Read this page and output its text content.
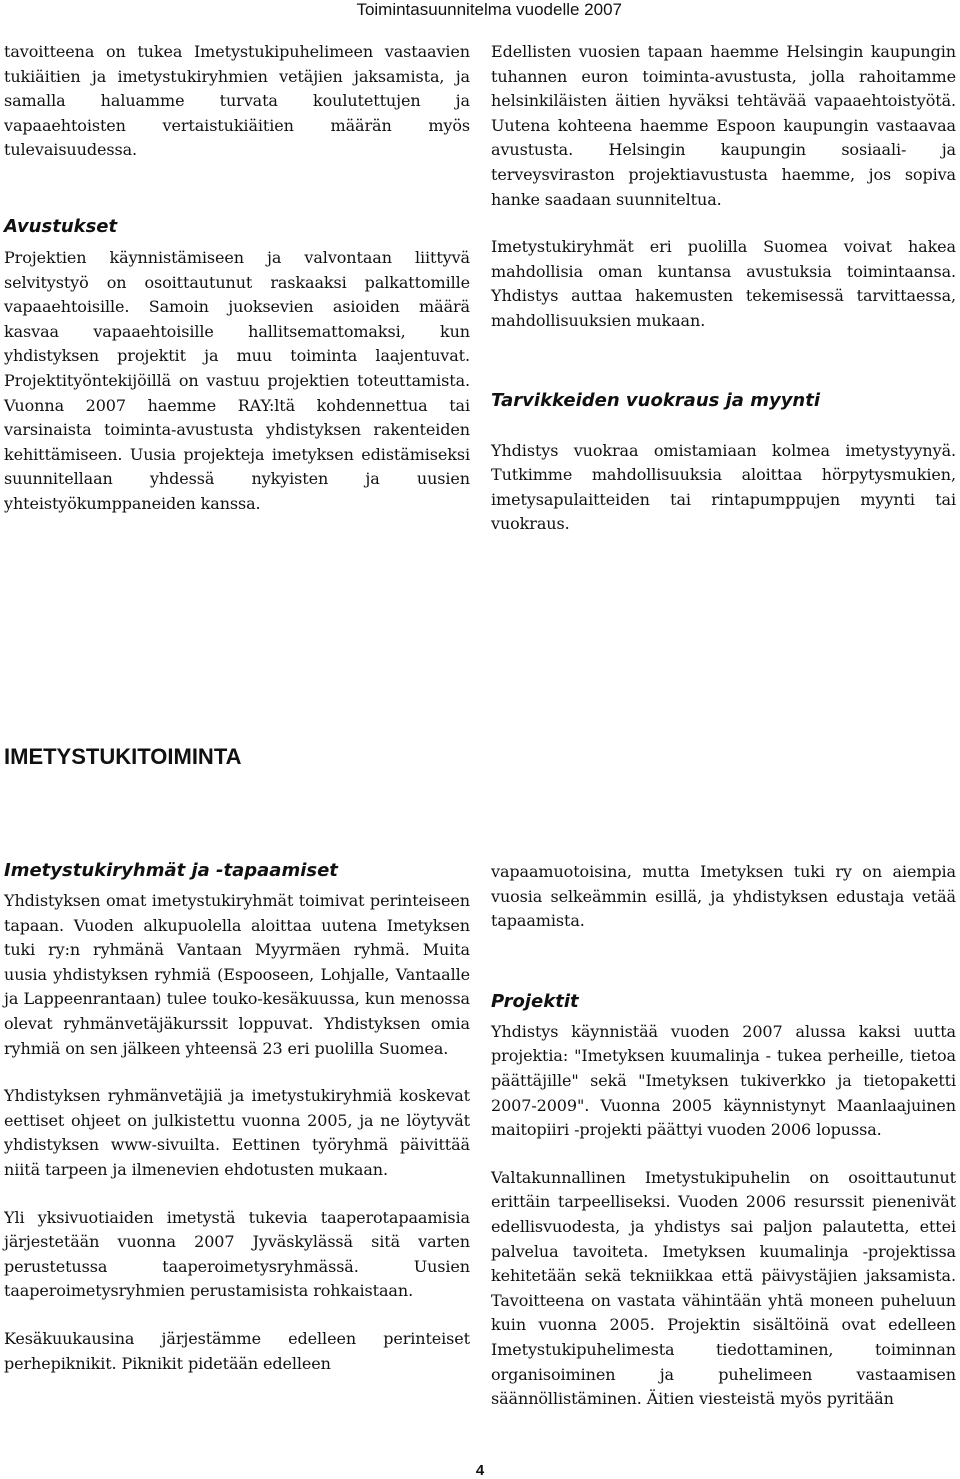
Toimintasuunnitelma vuodelle 2007

tavoitteena on tukea Imetystukipuhelimeen vastaavien tukiäitien ja imetystukiryhmien vetäjien jaksamista, ja samalla haluamme turvata koulutettujen ja vapaaehtoisten vertaistukiäitien määrän myös tulevaisuudessa.

Avustukset

Projektien käynnistämiseen ja valvontaan liittyvä selvitystyö on osoittautunut raskaaksi palkattomille vapaaehtoisille. Samoin juoksevien asioiden määrä kasvaa vapaaehtoisille hallitsemattomaksi, kun yhdistyksen projektit ja muu toiminta laajentuvat. Projektityöntekijöillä on vastuu projektien toteuttamista. Vuonna 2007 haemme RAY:ltä kohdennettua tai varsinaista toiminta-avustusta yhdistyksen rakenteiden kehittämiseen. Uusia projekteja imetyksen edistämiseksi suunnitellaan yhdessä nykyisten ja uusien yhteistyökumppaneiden kanssa.

Edellisten vuosien tapaan haemme Helsingin kaupungin tuhannen euron toiminta-avustusta, jolla rahoitamme helsinkiläisten äitien hyväksi tehtävää vapaaehtoistyötä. Uutena kohteena haemme Espoon kaupungin vastaavaa avustusta. Helsingin kaupungin sosiaali- ja terveysviraston projektiavustusta haemme, jos sopiva hanke saadaan suunniteltua.

Imetystukiryhmät eri puolilla Suomea voivat hakea mahdollisia oman kuntansa avustuksia toimintaansa. Yhdistys auttaa hakemusten tekemisessä tarvittaessa, mahdollisuuksien mukaan.

Tarvikkeiden vuokraus ja myynti

Yhdistys vuokraa omistamiaan kolmea imetystyynyä. Tutkimme mahdollisuuksia aloittaa hörpytysmukien, imetysapulaitteiden tai rintapumppujen myynti tai vuokraus.

IMETYSTUKITOIMINTA
Imetystukiryhmät ja -tapaamiset

Yhdistyksen omat imetystukiryhmät toimivat perinteiseen tapaan. Vuoden alkupuolella aloittaa uutena Imetyksen tuki ry:n ryhmänä Vantaan Myyrmäen ryhmä. Muita uusia yhdistyksen ryhmiä (Espooseen, Lohjalle, Vantaalle ja Lappeenrantaan) tulee touko-kesäkuussa, kun menossa olevat ryhmänvetäjäkurssit loppuvat. Yhdistyksen omia ryhmiä on sen jälkeen yhteensä 23 eri puolilla Suomea.

Yhdistyksen ryhmänvetäjiä ja imetystukiryhmiä koskevat eettiset ohjeet on julkistettu vuonna 2005, ja ne löytyvät yhdistyksen www-sivuilta. Eettinen työryhmä päivittää niitä tarpeen ja ilmenevien ehdotusten mukaan.

Yli yksivuotiaiden imetystä tukevia taaperotapaamisia järjestetään vuonna 2007 Jyväskylässä sitä varten perustetussa taaperoimetysryhmässä. Uusien taaperoimetysryhmien perustamisista rohkaistaan.

Kesäkuukausina järjestämme edelleen perinteiset perhepiknikit. Piknikit pidetään edelleen

vapaamuotoisina, mutta Imetyksen tuki ry on aiempia vuosia selkeämmin esillä, ja yhdistyksen edustaja vetää tapaamista.

Projektit

Yhdistys käynnistää vuoden 2007 alussa kaksi uutta projektia: "Imetyksen kuumalinja - tukea perheille, tietoa päättäjille" sekä "Imetyksen tukiverkko ja tietopaketti 2007-2009". Vuonna 2005 käynnistynyt Maanlaajuinen maitopiiri -projekti päättyi vuoden 2006 lopussa.

Valtakunnallinen Imetystukipuhelin on osoittautunut erittäin tarpeelliseksi. Vuoden 2006 resurssit pienenivät edellisvuodesta, ja yhdistys sai paljon palautetta, ettei palvelua tavoiteta. Imetyksen kuumalinja -projektissa kehitetään sekä tekniikkaa että päivystäjien jaksamista. Tavoitteena on vastata vähintään yhtä moneen puheluun kuin vuonna 2005. Projektin sisältöinä ovat edelleen Imetystukipuhelimesta tiedottaminen, toiminnan organisoiminen ja puhelimeen vastaamisen säännöllistäminen. Äitien viesteistä myös pyritään

4
